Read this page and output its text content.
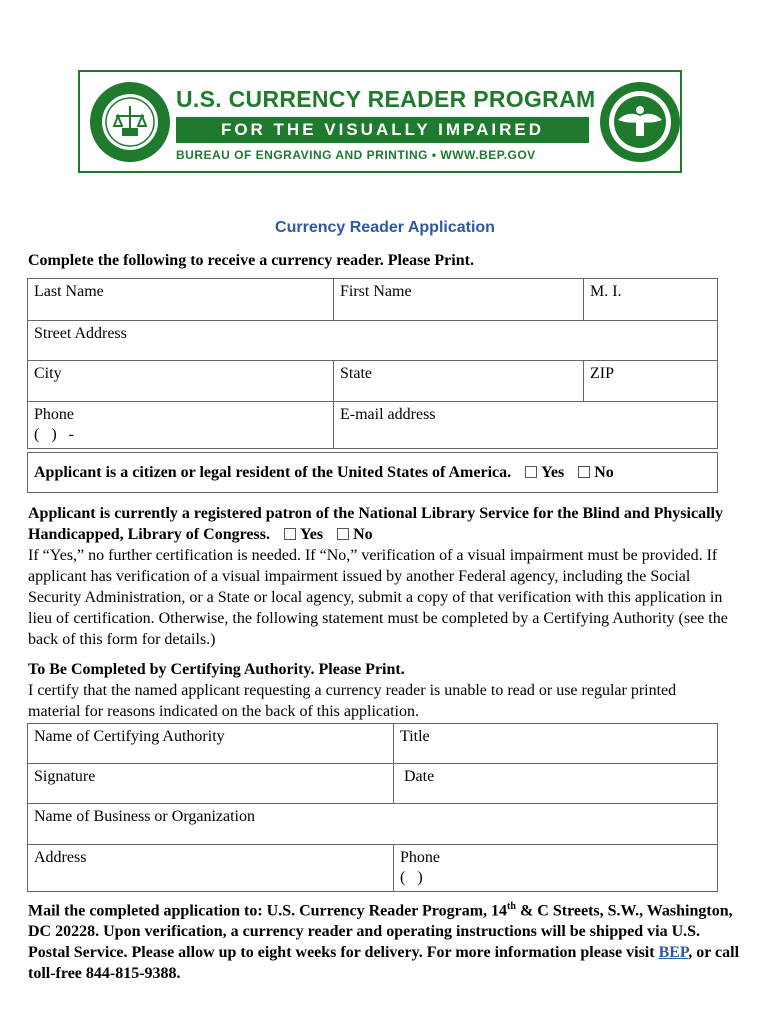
U.S. CURRENCY READER PROGRAM
FOR THE VISUALLY IMPAIRED
BUREAU OF ENGRAVING AND PRINTING • WWW.BEP.GOV
Currency Reader Application
Complete the following to receive a currency reader. Please Print.
Last Name	First Name	M. I.
Street Address		
City	State	ZIP

Phone
(   )   -	E-mail address	
Applicant is a citizen or legal resident of the United States of America. Yes No
Applicant is currently a registered patron of the National Library Service for the Blind and Physically Handicapped, Library of Congress. Yes No
If “Yes,” no further certification is needed. If “No,” verification of a visual impairment must be provided. If applicant has verification of a visual impairment issued by another Federal agency, including the Social Security Administration, or a State or local agency, submit a copy of that verification with this application in lieu of certification. Otherwise, the following statement must be completed by a Certifying Authority (see the back of this form for details.)
To Be Completed by Certifying Authority. Please Print.
I certify that the named applicant requesting a currency reader is unable to read or use regular printed material for reasons indicated on the back of this application.
Name of Certifying Authority	Title
Signature	Date
Name of Business or Organization	
Address	Phone
(   )
Mail the completed application to: U.S. Currency Reader Program, 14th & C Streets, S.W., Washington, DC 20228. Upon verification, a currency reader and operating instructions will be shipped via U.S. Postal Service. Please allow up to eight weeks for delivery. For more information please visit BEP, or call toll-free 844-815-9388.
